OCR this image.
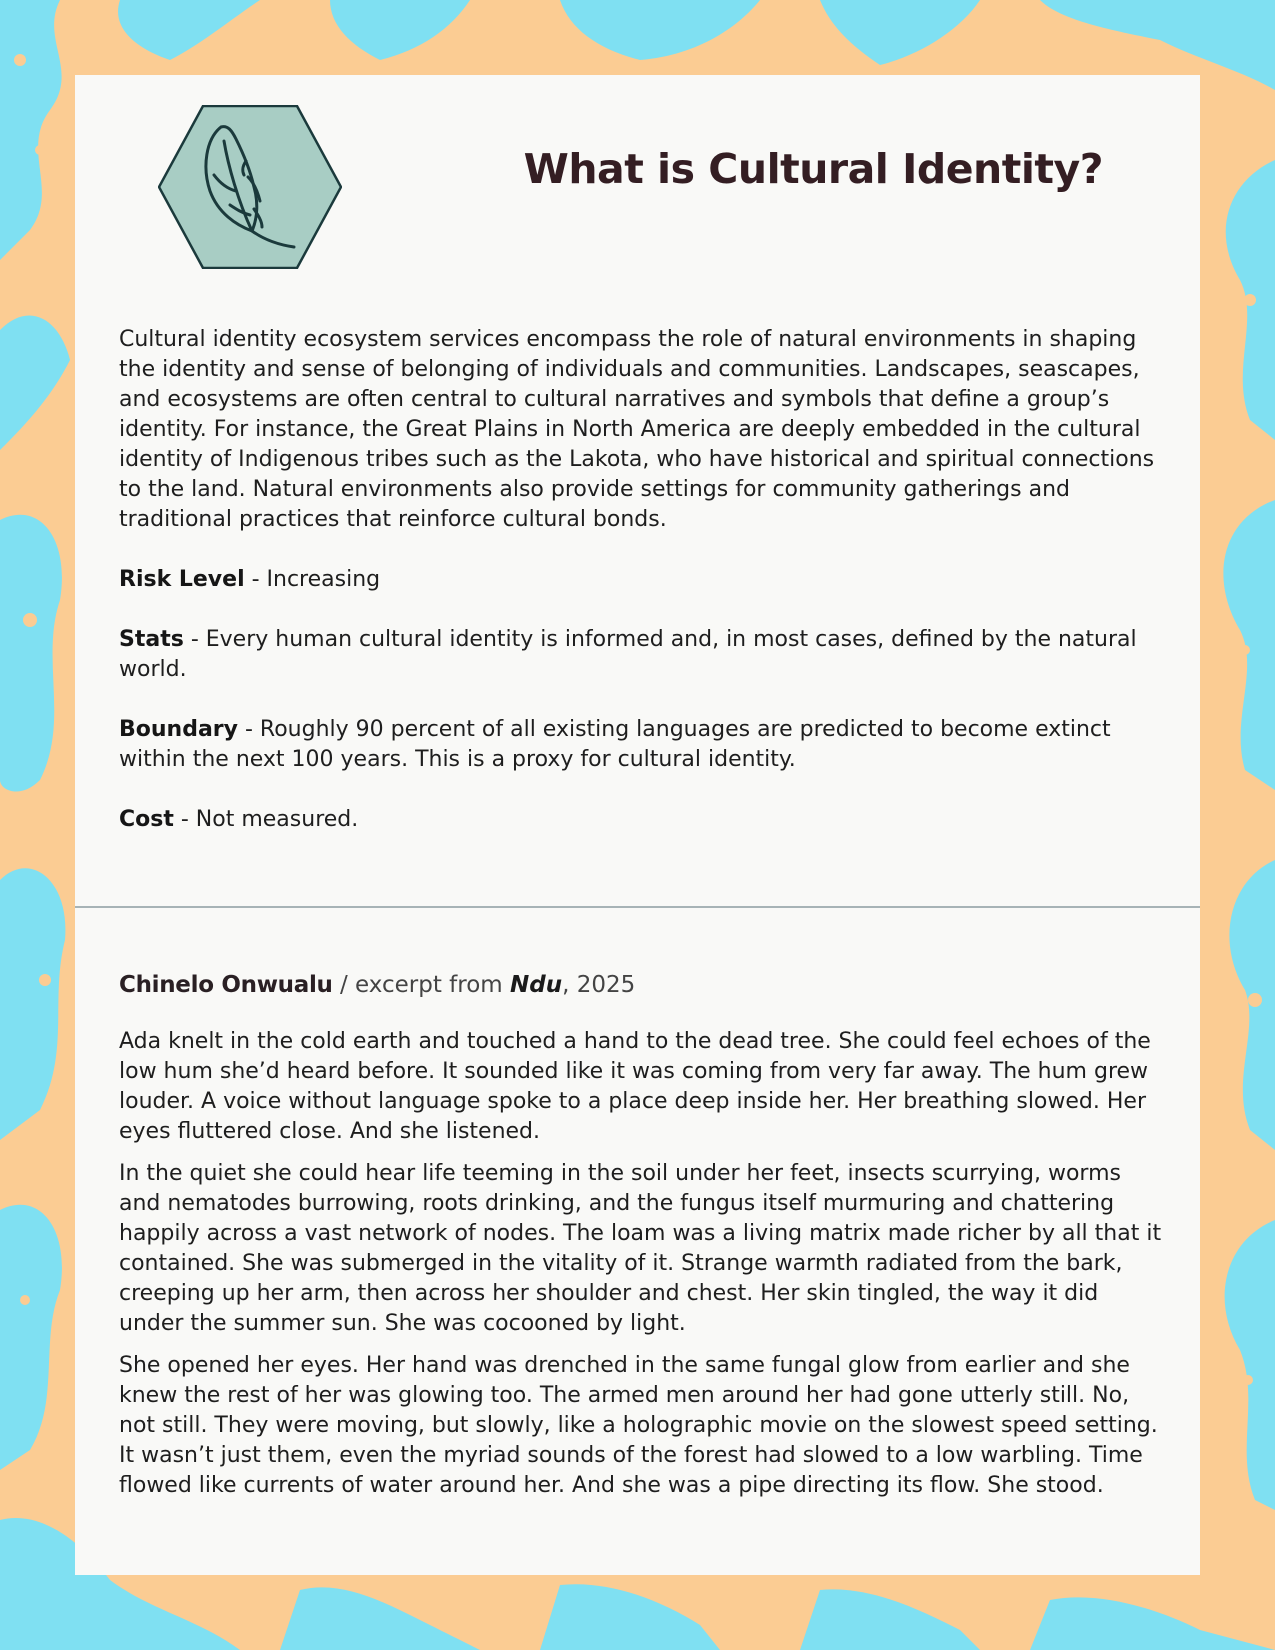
What is Cultural Identity?

Cultural identity ecosystem services encompass the role of natural environments in shaping the identity and sense of belonging of individuals and communities. Landscapes, seascapes, and ecosystems are often central to cultural narratives and symbols that define a group’s identity. For instance, the Great Plains in North America are deeply embedded in the cultural identity of Indigenous tribes such as the Lakota, who have historical and spiritual connections to the land. Natural environments also provide settings for community gatherings and traditional practices that reinforce cultural bonds.

Risk Level - Increasing

Stats - Every human cultural identity is informed and, in most cases, defined by the natural world.

Boundary - Roughly 90 percent of all existing languages are predicted to become extinct within the next 100 years. This is a proxy for cultural identity.

Cost - Not measured.

Chinelo Onwualu / excerpt from Ndu, 2025

Ada knelt in the cold earth and touched a hand to the dead tree. She could feel echoes of the low hum she’d heard before. It sounded like it was coming from very far away. The hum grew louder. A voice without language spoke to a place deep inside her. Her breathing slowed. Her eyes fluttered close. And she listened.

In the quiet she could hear life teeming in the soil under her feet, insects scurrying, worms and nematodes burrowing, roots drinking, and the fungus itself murmuring and chattering happily across a vast network of nodes. The loam was a living matrix made richer by all that it contained. She was submerged in the vitality of it. Strange warmth radiated from the bark, creeping up her arm, then across her shoulder and chest. Her skin tingled, the way it did under the summer sun. She was cocooned by light.

She opened her eyes. Her hand was drenched in the same fungal glow from earlier and she knew the rest of her was glowing too. The armed men around her had gone utterly still. No, not still. They were moving, but slowly, like a holographic movie on the slowest speed setting. It wasn’t just them, even the myriad sounds of the forest had slowed to a low warbling. Time flowed like currents of water around her. And she was a pipe directing its flow. She stood.
